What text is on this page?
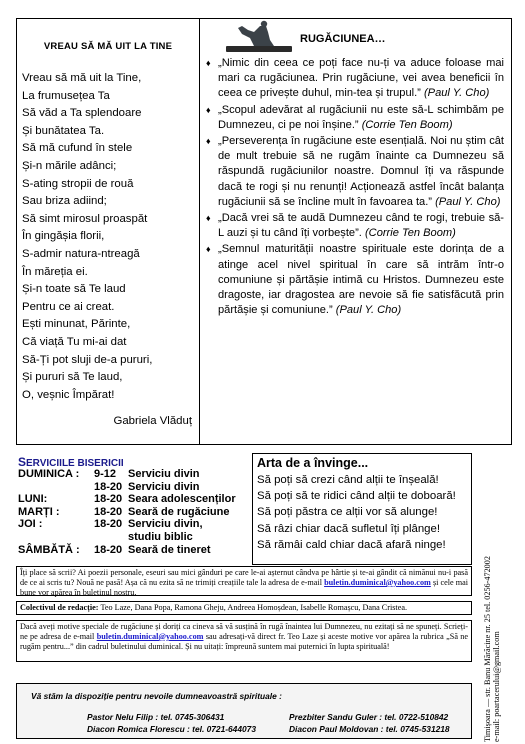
VREAU SĂ MĂ UIT LA TINE
Vreau să mă uit la Tine,
La frumusețea Ta
Să văd a Ta splendoare
Și bunătatea Ta.
Să mă cufund în stele
Și-n mările adânci;
S-ating stropii de rouă
Sau briza adiind;
Să simt mirosul proaspăt
În gingășia florii,
S-admir natura-ntreagă
În măreția ei.
Și-n toate să Te laud
Pentru ce ai creat.
Ești minunat, Părinte,
Că viață Tu mi-ai dat
Să-Ți pot sluji de-a pururi,
Și pururi să Te laud,
O, veșnic Împărat!
Gabriela Vlăduț
RUGĂCIUNEA…
♦ „Nimic din ceea ce poți face nu-ți va aduce foloase mai mari ca rugăciunea. Prin rugăciune, vei avea beneficii în ceea ce privește duhul, min-tea și trupul.” (Paul Y. Cho)
♦ „Scopul adevărat al rugăciunii nu este să-L schimbăm pe Dumnezeu, ci pe noi înșine.” (Corrie Ten Boom)
♦ „Perseverența în rugăciune este esențială. Noi nu știm cât de mult trebuie să ne rugăm înainte ca Dumnezeu să răspundă rugăciunilor noastre. Domnul îți va răspunde dacă te rogi și nu renunți! Acționează astfel încât balanța rugăciunii să se încline mult în favoarea ta.” (Paul Y. Cho)
♦ „Dacă vrei să te audă Dumnezeu când te rogi, trebuie să-L auzi și tu când îți vorbește”. (Corrie Ten Boom)
♦ „Semnul maturității noastre spirituale este dorința de a atinge acel nivel spiritual în care să intrăm într-o comuniune și părtășie intimă cu Hristos. Dumnezeu este dragoste, iar dragostea are nevoie să fie satisfăcută prin părtășie și comuniune.” (Paul Y. Cho)
SERVICIILE BISERICII
DUMINICA :	9-12	Serviciu divin
18-20 Serviciu divin
LUNI:	18-20 Seara adolescenților
MARȚI :	18-20 Seară de rugăciune
JOI :	18-20 Serviciu divin,
studiu biblic
SÂMBĂTĂ :	18-20 Seară de tineret
Arta de a învinge...
Să poți să crezi când alții te înșeală!
Să poți să te ridici când alții te doboară!
Să poți păstra ce alții vor să alunge!
Să râzi chiar dacă sufletul îți plânge!
Să rămâi cald chiar dacă afară ninge!
Timișoara — str. Banu Mărăcine nr. 25 tel. 0256-472002 e-mail: poartacerului@gmail.com
Îți place să scrii? Ai poezii personale, eseuri sau mici gânduri pe care le-ai așternut cândva pe hârtie și te-ai gândit că nimănui nu-i pasă de ce ai scris tu? Nouă ne pasă! Așa că nu ezita să ne trimiți creațiile tale la adresa de e-mail buletin.duminical@yahoo.com și cele mai bune vor apărea în buletinul nostru.
Colectivul de redacție: Teo Laze, Dana Popa, Ramona Gheju, Andreea Homoșdean, Isabelle Romașcu, Dana Cristea.
Dacă aveți motive speciale de rugăciune și doriți ca cineva să vă susțină în rugă înaintea lui Dumnezeu, nu ezitați să ne spuneți. Scrieți-ne pe adresa de e-mail buletin.duminical@yahoo.com sau adresați-vă direct fr. Teo Laze și aceste motive vor apărea la rubrica „Să ne rugăm pentru...” din cadrul buletinului duminical. Și nu uitați: împreună suntem mai puternici în lupta spirituală!
Vă stăm la dispoziție pentru nevoile dumneavoastră spirituale :
Pastor Nelu Filip : tel. 0745-306431
Diacon Romica Florescu : tel. 0721-644073
Prezbiter Sandu Guler : tel. 0722-510842
Diacon Paul Moldovan : tel. 0745-531218
